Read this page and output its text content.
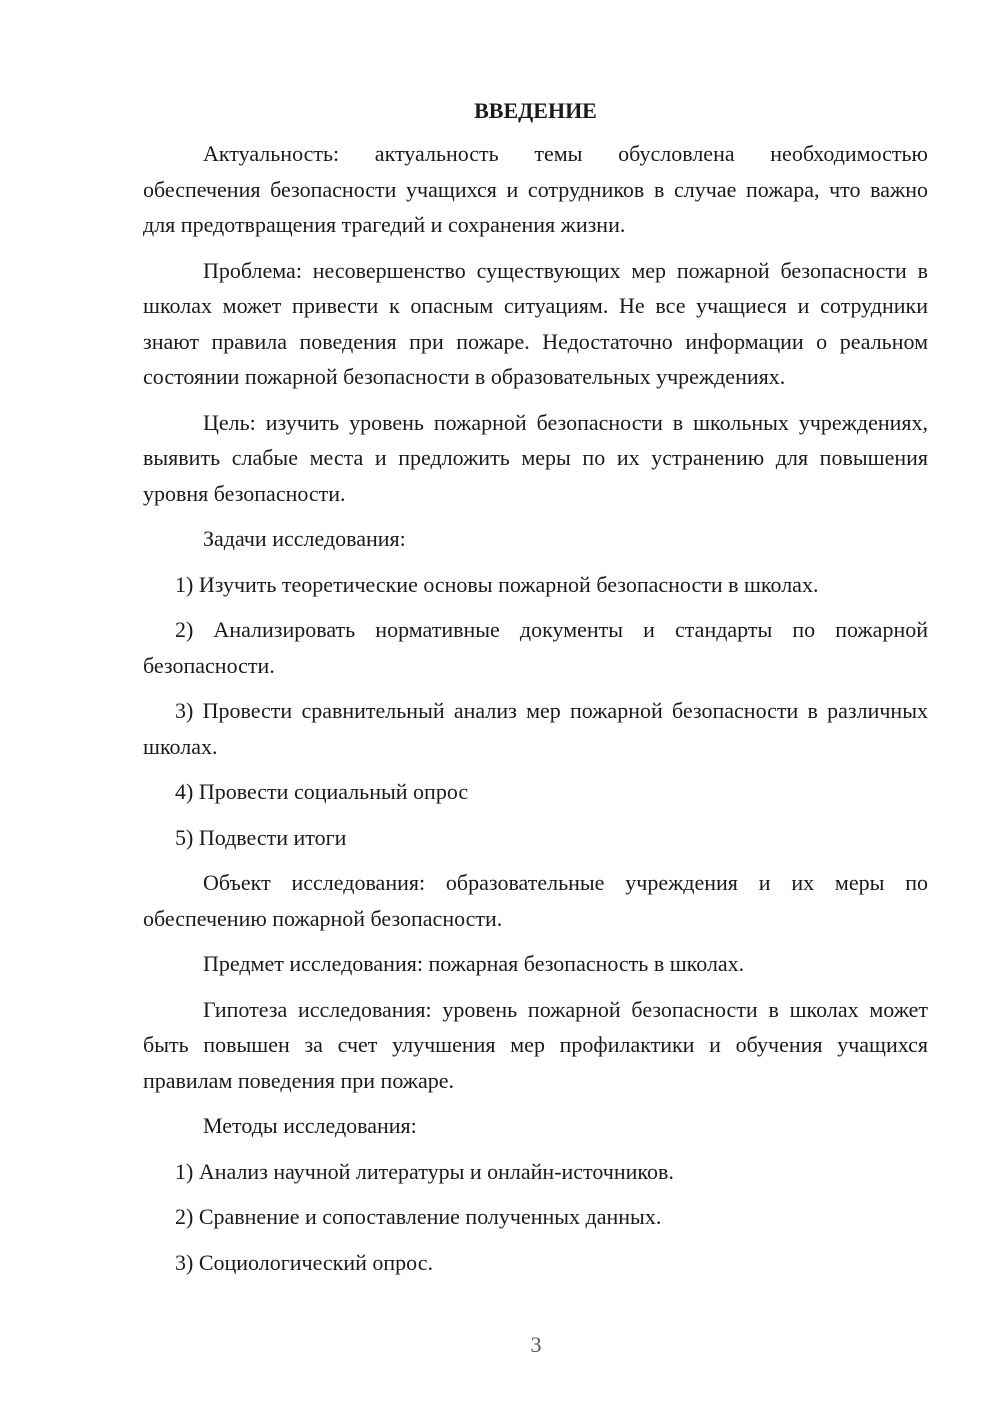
ВВЕДЕНИЕ

Актуальность: актуальность темы обусловлена необходимостью обеспечения безопасности учащихся и сотрудников в случае пожара, что важно для предотвращения трагедий и сохранения жизни.

Проблема: несовершенство существующих мер пожарной безопасности в школах может привести к опасным ситуациям. Не все учащиеся и сотрудники знают правила поведения при пожаре. Недостаточно информации о реальном состоянии пожарной безопасности в образовательных учреждениях.

Цель: изучить уровень пожарной безопасности в школьных учреждениях, выявить слабые места и предложить меры по их устранению для повышения уровня безопасности.

Задачи исследования:

1) Изучить теоретические основы пожарной безопасности в школах.

2) Анализировать нормативные документы и стандарты по пожарной безопасности.

3) Провести сравнительный анализ мер пожарной безопасности в различных школах.

4) Провести социальный опрос

5) Подвести итоги

Объект исследования: образовательные учреждения и их меры по обеспечению пожарной безопасности.

Предмет исследования: пожарная безопасность в школах.

Гипотеза исследования: уровень пожарной безопасности в школах может быть повышен за счет улучшения мер профилактики и обучения учащихся правилам поведения при пожаре.

Методы исследования:

1) Анализ научной литературы и онлайн-источников.

2) Сравнение и сопоставление полученных данных.

3) Социологический опрос.

3
